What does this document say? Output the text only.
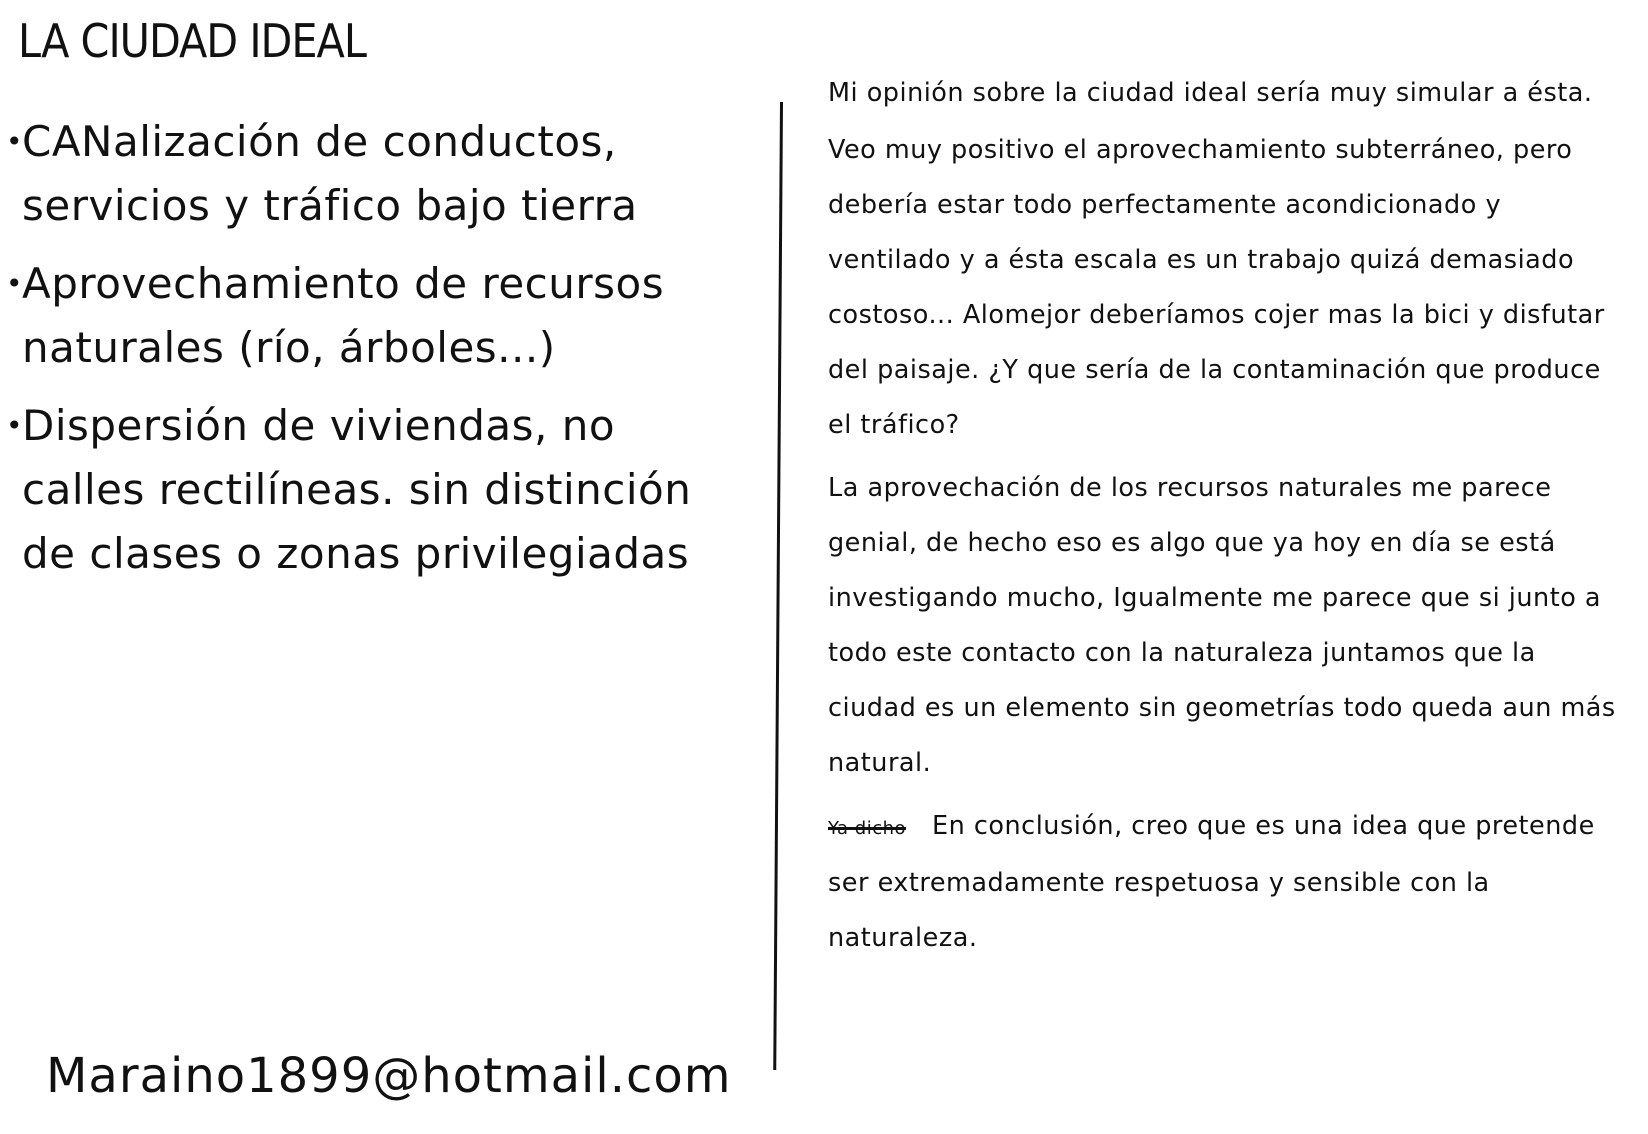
LA CIUDAD IDEAL
• CANalización de conductos, servicios y tráfico bajo tierra
• Aprovechamiento de recursos naturales (río, árboles...)
• Dispersión de viviendas, no calles rectilíneas. sin distinción de clases o zonas privilegiadas

Mi opinión sobre la ciudad ideal sería muy simular a ésta.

Veo muy positivo el aprovechamiento subterráneo, pero debería estar todo perfectamente acondicionado y ventilado y a ésta escala es un trabajo quizá demasiado costoso... Alomejor deberíamos cojer mas la bici y disfutar del paisaje. ¿Y que sería de la contaminación que produce el tráfico?

La aprovechación de los recursos naturales me parece genial, de hecho eso es algo que ya hoy en día se está investigando mucho, Igualmente me parece que si junto a todo este contacto con la naturaleza juntamos que la ciudad es un elemento sin geometrías todo queda aun más natural.

Ya dicho En conclusión, creo que es una idea que pretende ser extremadamente respetuosa y sensible con la naturaleza.

Maraino1899@hotmail.com
